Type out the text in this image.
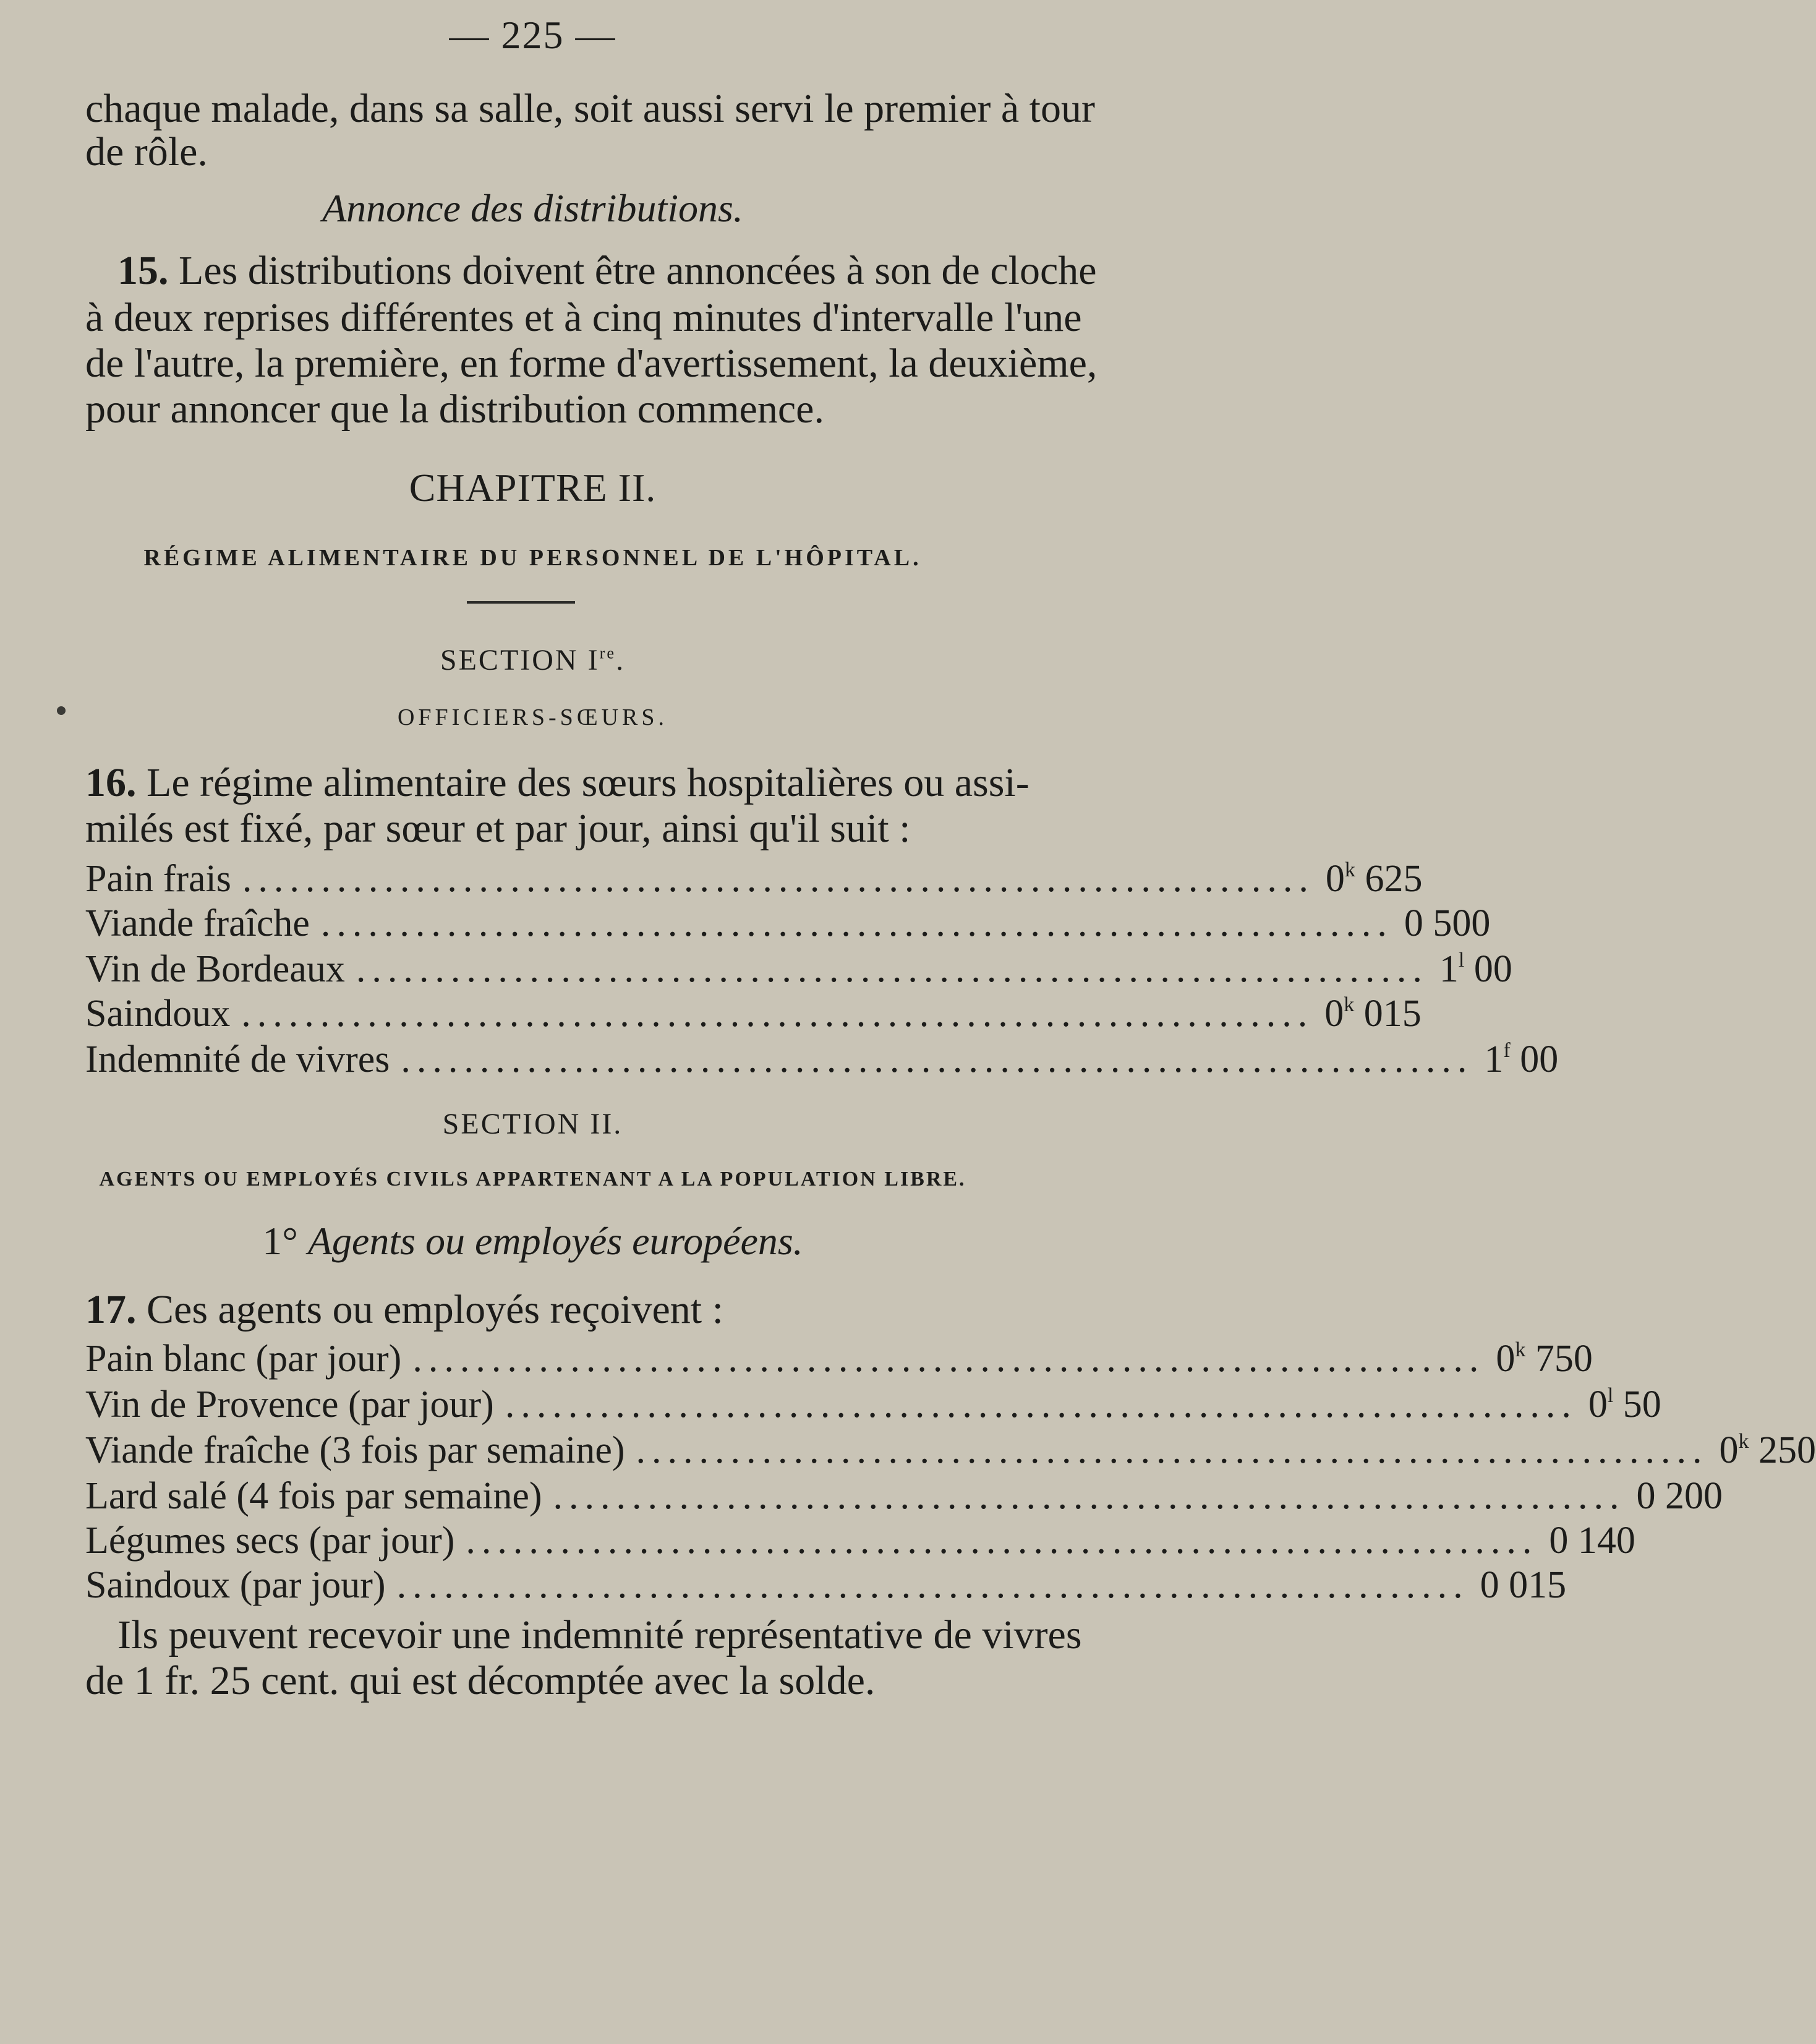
— 225 —
chaque malade, dans sa salle, soit aussi servi le premier à tour
de rôle.
Annonce des distributions.
15. Les distributions doivent être annoncées à son de cloche
à deux reprises différentes et à cinq minutes d'intervalle l'une
de l'autre, la première, en forme d'avertissement, la deuxième,
pour annoncer que la distribution commence.
CHAPITRE II.
RÉGIME ALIMENTAIRE DU PERSONNEL DE L'HÔPITAL.
SECTION Ire.
OFFICIERS-SŒURS.
16. Le régime alimentaire des sœurs hospitalières ou assi-
milés est fixé, par sœur et par jour, ainsi qu'il suit :
Pain frais .................................................................... 0$^k$ 625
Viande fraîche .................................................................... 0 500
Vin de Bordeaux .................................................................... 1$^l$ 00
Saindoux .................................................................... 0$^k$ 015
Indemnité de vivres .................................................................... 1$^f$ 00
SECTION II.
AGENTS OU EMPLOYÉS CIVILS APPARTENANT A LA POPULATION LIBRE.
1° Agents ou employés européens.
17. Ces agents ou employés reçoivent :
Pain blanc (par jour) .................................................................... 0$^k$ 750
Vin de Provence (par jour) .................................................................... 0$^l$ 50
Viande fraîche (3 fois par semaine) .................................................................... 0$^k$ 250
Lard salé (4 fois par semaine) .................................................................... 0 200
Légumes secs (par jour) .................................................................... 0 140
Saindoux (par jour) .................................................................... 0 015
Ils peuvent recevoir une indemnité représentative de vivres
de 1 fr. 25 cent. qui est décomptée avec la solde.
